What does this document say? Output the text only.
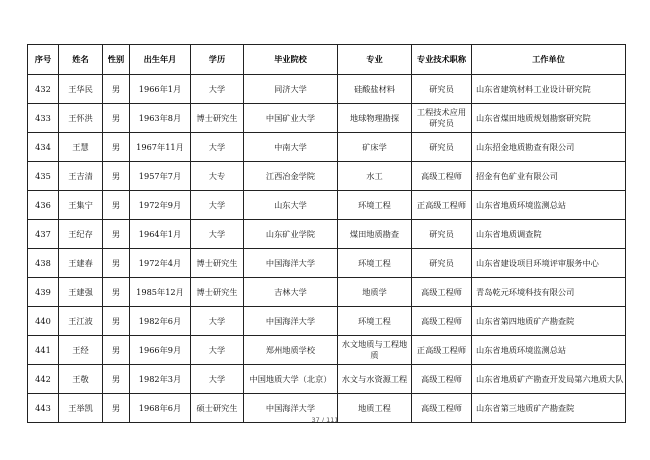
序号	姓名	性别	出生年月	学历	毕业院校	专业	专业技术职称	工作单位
432	王华民	男	1966年1月	大学	同济大学	硅酸盐材料	研究员	山东省建筑材料工业设计研究院
433	王怀洪	男	1963年8月	博士研究生	中国矿业大学	地球物理勘探	工程技术应用研究员	山东省煤田地质规划勘察研究院
434	王慧	男	1967年11月	大学	中南大学	矿床学	研究员	山东招金地质勘查有限公司
435	王吉清	男	1957年7月	大专	江西冶金学院	水工	高级工程师	招金有色矿业有限公司
436	王集宁	男	1972年9月	大学	山东大学	环境工程	正高级工程师	山东省地质环境监测总站
437	王纪存	男	1964年1月	大学	山东矿业学院	煤田地质勘查	研究员	山东省地质调查院
438	王建春	男	1972年4月	博士研究生	中国海洋大学	环境工程	研究员	山东省建设项目环境评审服务中心
439	王建强	男	1985年12月	博士研究生	吉林大学	地质学	高级工程师	青岛乾元环境科技有限公司
440	王江波	男	1982年6月	大学	中国海洋大学	环境工程	高级工程师	山东省第四地质矿产勘查院
441	王经	男	1966年9月	大学	郑州地质学校	水文地质与工程地质	正高级工程师	山东省地质环境监测总站
442	王敬	男	1982年3月	大学	中国地质大学（北京）	水文与水资源工程	高级工程师	山东省地质矿产勘查开发局第六地质大队
443	王举凯	男	1968年6月	硕士研究生	中国海洋大学	地质工程	高级工程师	山东省第三地质矿产勘查院
37 / 111
